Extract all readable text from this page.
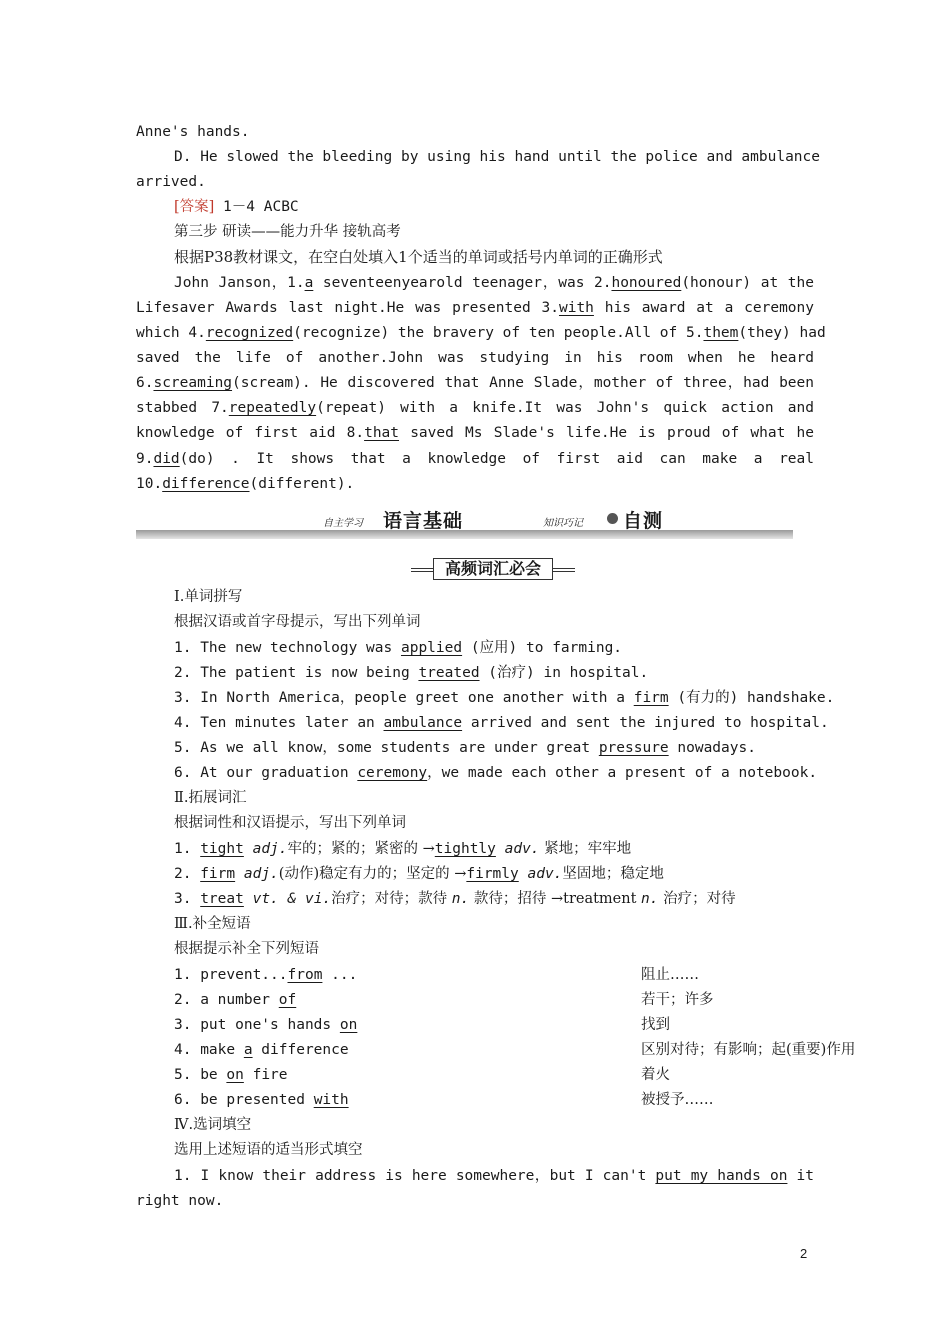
Anne's hands.
D. He slowed the bleeding by using his hand until the police and ambulance
arrived.
[答案] 1－4 ACBC
第三步 研读——能力升华 接轨高考
根据P38教材课文，在空白处填入1个适当的单词或括号内单词的正确形式
John Janson，1.a seventeenyearold teenager，was 2.honoured(honour) at the
Lifesaver Awards last night.He was presented 3.with his award at a ceremony
which 4.recognized(recognize) the bravery of ten people.All of 5.them(they) had
saved the life of another.John was studying in his room when he heard
6.screaming(scream). He discovered that Anne Slade，mother of three，had been
stabbed 7.repeatedly(repeat) with a knife.It was John's quick action and
knowledge of first aid 8.that saved Ms Slade's life.He is proud of what he
9.did(do) . It shows that a knowledge of first aid can make a real
10.difference(different).
自主学习 语言基础	自测
知识巧记
高频词汇必会
Ⅰ.单词拼写
根据汉语或首字母提示，写出下列单词
1. The new technology was applied (应用) to farming.
2. The patient is now being treated (治疗) in hospital.
3. In North America，people greet one another with a firm (有力的) handshake.
4. Ten minutes later an ambulance arrived and sent the injured to hospital.
5. As we all know，some students are under great pressure nowadays.
6. At our graduation ceremony，we made each other a present of a notebook.
Ⅱ.拓展词汇
根据词性和汉语提示，写出下列单词
1. tight adj.牢的；紧的；紧密的 →tightly adv. 紧地；牢牢地
2. firm adj.(动作)稳定有力的；坚定的 →firmly adv.坚固地；稳定地
3. treat vt. & vi.治疗；对待；款待 n. 款待；招待 →treatment n. 治疗；对待
Ⅲ.补全短语
根据提示补全下列短语
1. prevent...from ...	阻止……
2. a number of	若干；许多
3. put one's hands on	找到
4. make a difference	区别对待；有影响；起(重要)作用
5. be on fire	着火
6. be presented with	被授予……
Ⅳ.选词填空
选用上述短语的适当形式填空
1. I know their address is here somewhere，but I can't put my hands on it
right now.
2
